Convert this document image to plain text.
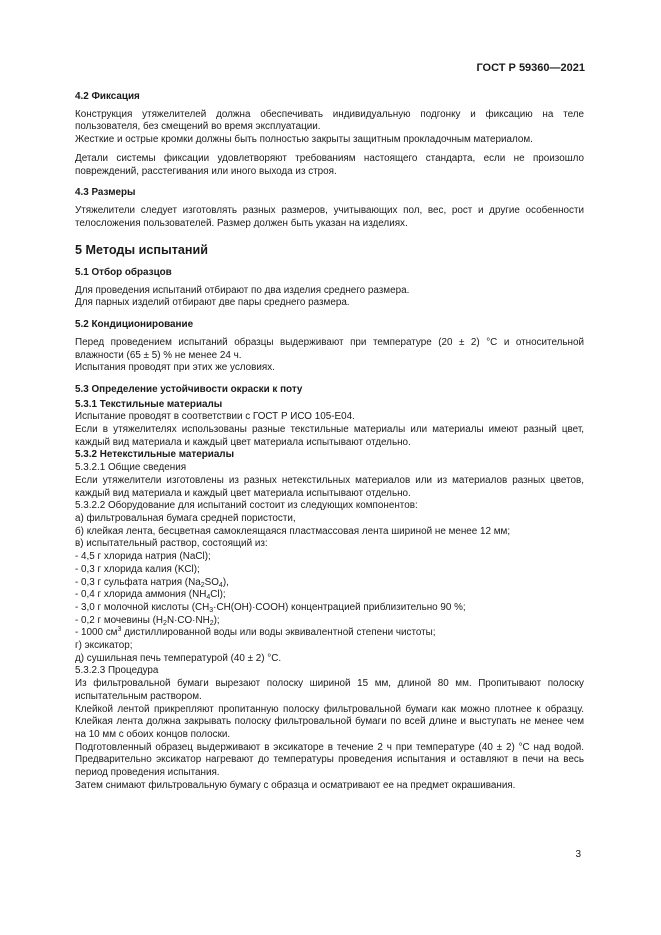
ГОСТ Р 59360—2021

4.2 Фиксация

Конструкция утяжелителей должна обеспечивать индивидуальную подгонку и фиксацию на теле пользователя, без смещений во время эксплуатации.

Жесткие и острые кромки должны быть полностью закрыты защитным прокладочным материалом.

Детали системы фиксации удовлетворяют требованиям настоящего стандарта, если не произошло повреждений, расстегивания или иного выхода из строя.

4.3 Размеры

Утяжелители следует изготовлять разных размеров, учитывающих пол, вес, рост и другие особенности телосложения пользователей. Размер должен быть указан на изделиях.

5 Методы испытаний

5.1 Отбор образцов

Для проведения испытаний отбирают по два изделия среднего размера.

Для парных изделий отбирают две пары среднего размера.

5.2 Кондиционирование

Перед проведением испытаний образцы выдерживают при температуре (20 ± 2) °С и относительной влажности (65 ± 5) % не менее 24 ч.

Испытания проводят при этих же условиях.

5.3 Определение устойчивости окраски к поту

5.3.1 Текстильные материалы

Испытание проводят в соответствии с ГОСТ Р ИСО 105-Е04.

Если в утяжелителях использованы разные текстильные материалы или материалы имеют разный цвет, каждый вид материала и каждый цвет материала испытывают отдельно.

5.3.2 Нетекстильные материалы

5.3.2.1 Общие сведения

Если утяжелители изготовлены из разных нетекстильных материалов или из материалов разных цветов, каждый вид материала и каждый цвет материала испытывают отдельно.

5.3.2.2 Оборудование для испытаний состоит из следующих компонентов:

а) фильтровальная бумага средней пористости,

б) клейкая лента, бесцветная самоклеящаяся пластмассовая лента шириной не менее 12 мм;

в) испытательный раствор, состоящий из:

- 4,5 г хлорида натрия (NaCl);

- 0,3 г хлорида калия (KCl);

- 0,3 г сульфата натрия $(Na_2SO_4)$,

- 0,4 г хлорида аммония $(NH_4Cl)$;

- 3,0 г молочной кислоты $(CH_3\cdot CH(OH)\cdot COOH)$ концентрацией приблизительно 90 %;

- 0,2 г мочевины $(H_2N\cdot CO\cdot NH_2)$;

- 1000 $см^3$ дистиллированной воды или воды эквивалентной степени чистоты;

г) эксикатор;

д) сушильная печь температурой (40 ± 2) °С.

5.3.2.3 Процедура

Из фильтровальной бумаги вырезают полоску шириной 15 мм, длиной 80 мм. Пропитывают полоску испытательным раствором.

Клейкой лентой прикрепляют пропитанную полоску фильтровальной бумаги как можно плотнее к образцу. Клейкая лента должна закрывать полоску фильтровальной бумаги по всей длине и выступать не менее чем на 10 мм с обоих концов полоски.

Подготовленный образец выдерживают в эксикаторе в течение 2 ч при температуре (40 ± 2) °С над водой. Предварительно эксикатор нагревают до температуры проведения испытания и оставляют в печи на весь период проведения испытания.

Затем снимают фильтровальную бумагу с образца и осматривают ее на предмет окрашивания.

3
